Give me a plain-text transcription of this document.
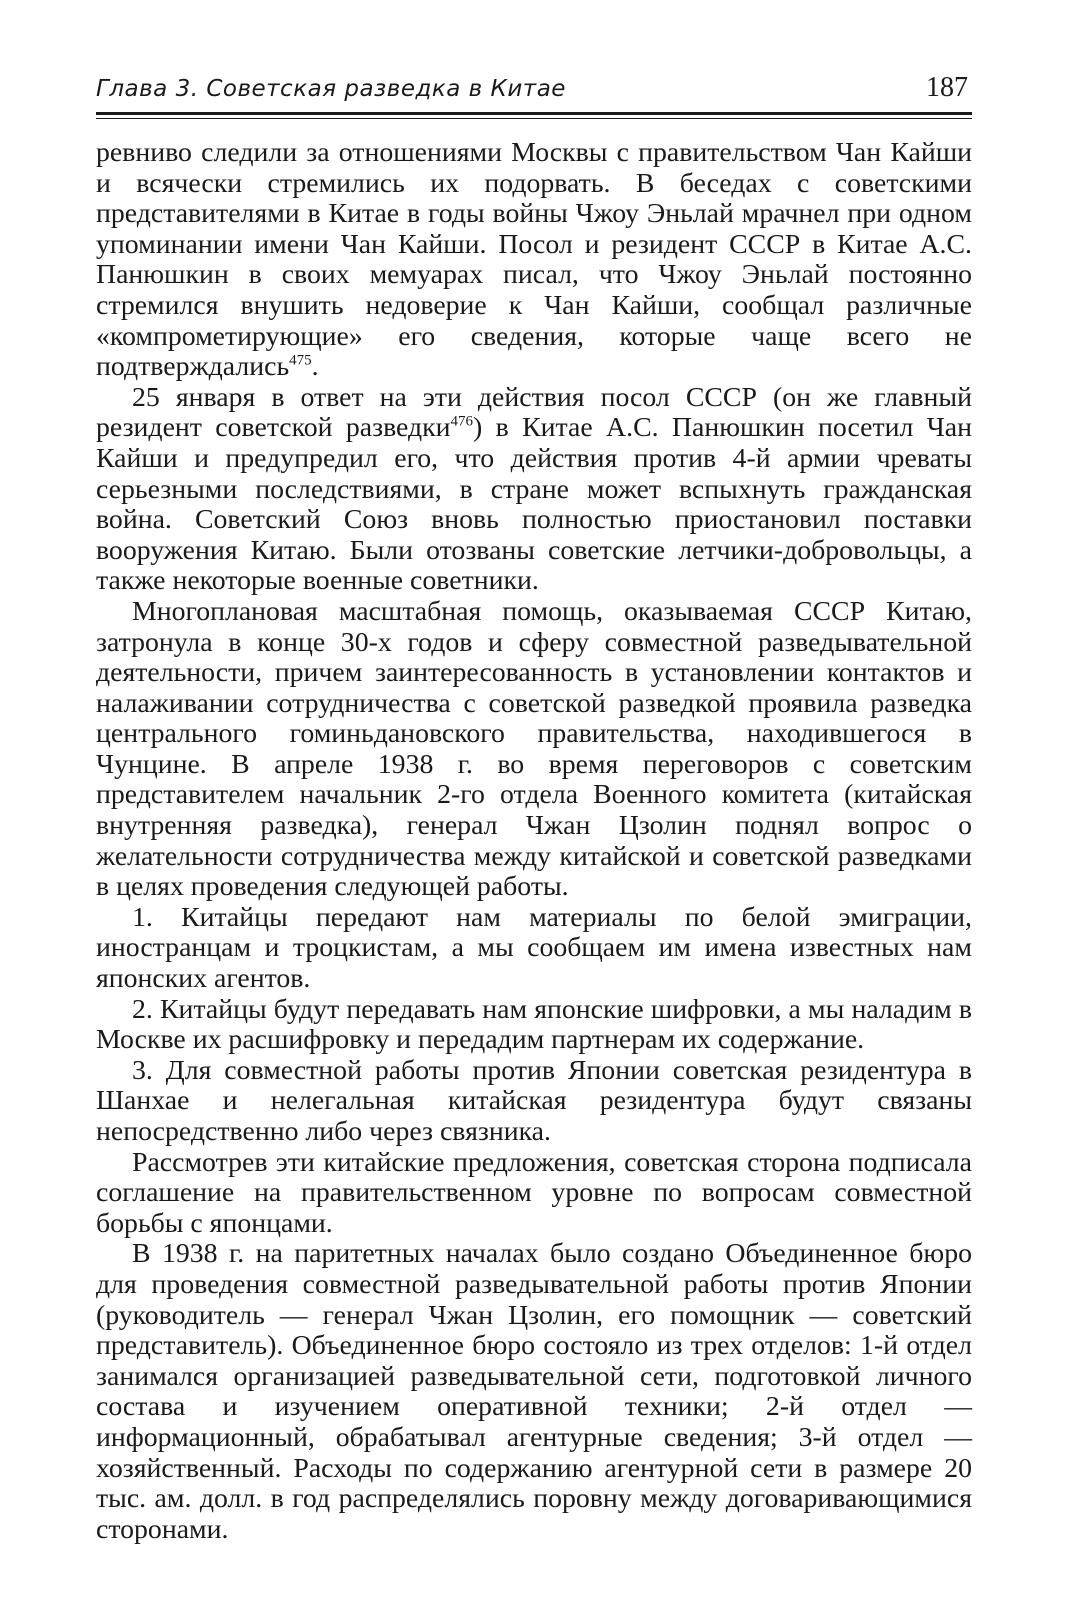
Глава 3. Советская разведка в Китае	187

ревниво следили за отношениями Москвы с правительством Чан Кайши и всячески стремились их подорвать. В беседах с советскими представителями в Китае в годы войны Чжоу Эньлай мрачнел при одном упоминании имени Чан Кайши. Посол и резидент СССР в Китае А.С. Панюшкин в своих мемуарах писал, что Чжоу Эньлай постоянно стремился внушить недоверие к Чан Кайши, сообщал различные «компрометирующие» его сведения, которые чаще всего не подтверждались$^{475}$.

25 января в ответ на эти действия посол СССР (он же главный резидент советской разведки$^{476}$) в Китае А.С. Панюшкин посетил Чан Кайши и предупредил его, что действия против 4-й армии чреваты серьезными последствиями, в стране может вспыхнуть гражданская война. Советский Союз вновь полностью приостановил поставки вооружения Китаю. Были отозваны советские летчики-добровольцы, а также некоторые военные советники.

Многоплановая масштабная помощь, оказываемая СССР Китаю, затронула в конце 30-х годов и сферу совместной разведывательной деятельности, причем заинтересованность в установлении контактов и налаживании сотрудничества с советской разведкой проявила разведка центрального гоминьдановского правительства, находившегося в Чунцине. В апреле 1938 г. во время переговоров с советским представителем начальник 2-го отдела Военного комитета (китайская внутренняя разведка), генерал Чжан Цзолин поднял вопрос о желательности сотрудничества между китайской и советской разведками в целях проведения следующей работы.

1. Китайцы передают нам материалы по белой эмиграции, иностранцам и троцкистам, а мы сообщаем им имена известных нам японских агентов.

2. Китайцы будут передавать нам японские шифровки, а мы наладим в Москве их расшифровку и передадим партнерам их содержание.

3. Для совместной работы против Японии советская резидентура в Шанхае и нелегальная китайская резидентура будут связаны непосредственно либо через связника.

Рассмотрев эти китайские предложения, советская сторона подписала соглашение на правительственном уровне по вопросам совместной борьбы с японцами.

В 1938 г. на паритетных началах было создано Объединенное бюро для проведения совместной разведывательной работы против Японии (руководитель — генерал Чжан Цзолин, его помощник — советский представитель). Объединенное бюро состояло из трех отделов: 1-й отдел занимался организацией разведывательной сети, подготовкой личного состава и изучением оперативной техники; 2-й отдел — информационный, обрабатывал агентурные сведения; 3-й отдел — хозяйственный. Расходы по содержанию агентурной сети в размере 20 тыс. ам. долл. в год распределялись поровну между договаривающимися сторонами.
